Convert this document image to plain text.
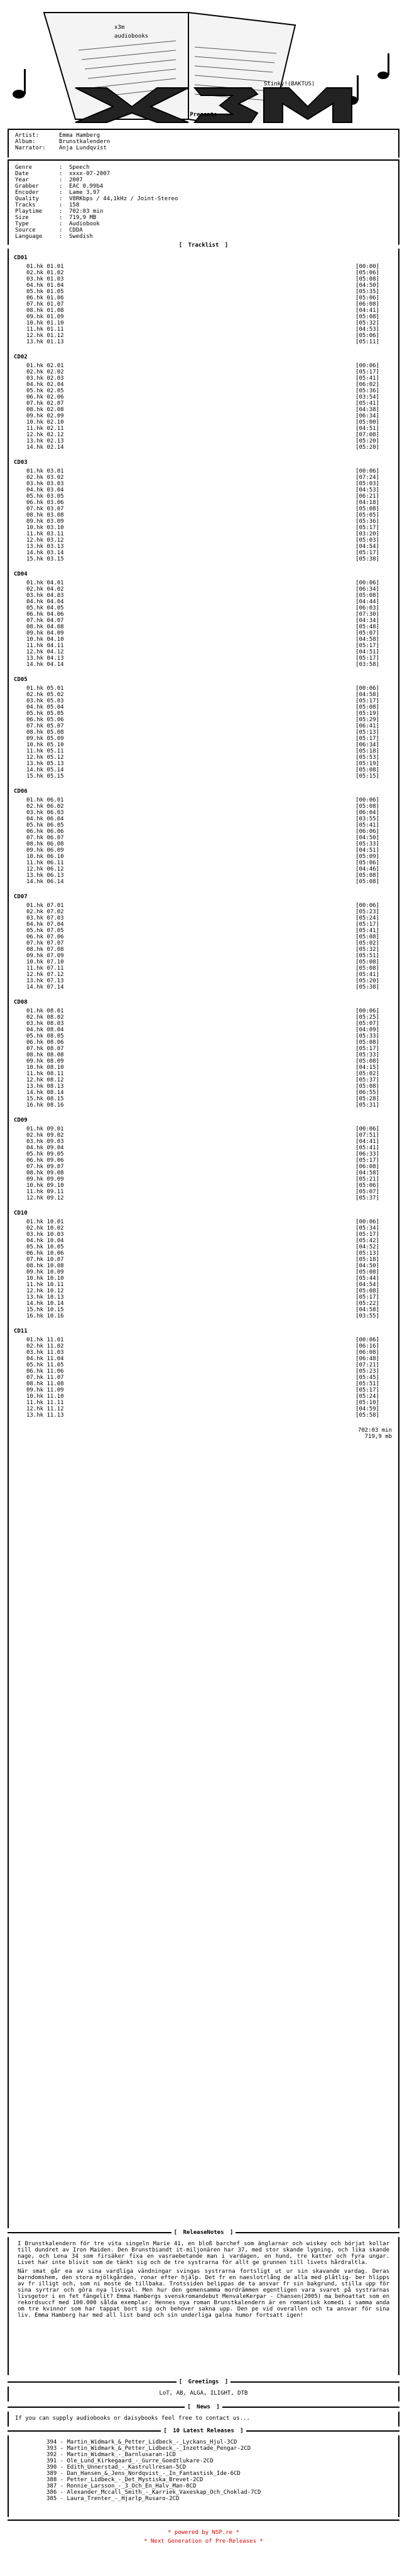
x3m
audiobooks
Stinky!(BAKTUS)
Presents
Artist:	Emma Hamberg
Album:	Brunstkalendern
Narrator:	Anja Lundqvist
Genre	:	Speech
Date	:	xxxx-07-2007
Year	:	2007
Grabber	:	EAC 0.99b4
Encoder	:	Lame 3,97
Quality	:	V8RKbps / 44,1kHz / Joint-Stereo
Tracks	:	158
Playtime	:	702:03 min
Size	:	719,9 MB
Type	:	Audiobook
Source	:	CDDA
Language	:	Swedish
[ Tracklist ]
CD01
01.hk 01.01	[00:00]
02.hk 01.02	[05:06]
03.hk 01.03	[05:08]
04.hk 01.04	[04:50]
05.hk 01.05	[05:35]
06.hk 01.06	[05:06]
07.hk 01.07	[06:08]
08.hk 01.08	[04:41]
09.hk 01.09	[05:08]
10.hk 01.10	[05:32]
11.hk 01.11	[04:53]
12.hk 01.12	[05:06]
13.hk 01.13	[05:11]
CD02
01.hk 02.01	[00:06]
02.hk 02.02	[05:17]
03.hk 02.03	[05:41]
04.hk 02.04	[06:02]
05.hk 02.05	[05:36]
06.hk 02.06	[03:54]
07.hk 02.07	[05:41]
08.hk 02.08	[04:38]
09.hk 02.09	[06:34]
10.hk 02.10	[05:00]
11.hk 02.11	[04:51]
12.hk 02.12	[07:08]
13.hk 02.13	[05:20]
14.hk 02.14	[05:20]
CD03
01.hk 03.01	[00:06]
02.hk 03.02	[07:24]
03.hk 03.03	[05:03]
04.hk 03.04	[04:53]
05.hk 03.05	[06:21]
06.hk 03.06	[04:18]
07.hk 03.07	[05:08]
08.hk 03.08	[05:05]
09.hk 03.09	[05:36]
10.hk 03.10	[05:17]
11.hk 03.11	[03:20]
12.hk 03.12	[05:03]
13.hk 03.13	[04:54]
14.hk 03.14	[05:17]
15.hk 03.15	[05:38]
CD04
01.hk 04.01	[00:06]
02.hk 04.02	[06:34]
03.hk 04.03	[05:08]
04.hk 04.04	[04:44]
05.hk 04.05	[06:03]
06.hk 04.06	[07:30]
07.hk 04.07	[04:34]
08.hk 04.08	[05:48]
09.hk 04.09	[05:07]
10.hk 04.10	[04:58]
11.hk 04.11	[05:17]
12.hk 04.12	[04:51]
13.hk 04.13	[05:17]
14.hk 04.14	[03:58]
CD05
01.hk 05.01	[00:06]
02.hk 05.02	[04:58]
03.hk 05.03	[05:17]
04.hk 05.04	[05:08]
05.hk 05.05	[05:19]
06.hk 05.06	[05:29]
07.hk 05.07	[06:41]
08.hk 05.08	[05:13]
09.hk 05.09	[05:17]
10.hk 05.10	[06:34]
11.hk 05.11	[05:18]
12.hk 05.12	[05:53]
13.hk 05.13	[05:19]
14.hk 05.14	[05:08]
15.hk 05.15	[05:15]
CD06
01.hk 06.01	[00:06]
02.hk 06.02	[05:08]
03.hk 06.03	[06:04]
04.hk 06.04	[03:55]
05.hk 06.05	[05:41]
06.hk 06.06	[06:06]
07.hk 06.07	[04:50]
08.hk 06.08	[05:33]
09.hk 06.09	[04:51]
10.hk 06.10	[05:09]
11.hk 06.11	[05:06]
12.hk 06.12	[04:46]
13.hk 06.13	[05:08]
14.hk 06.14	[05:08]
CD07
01.hk 07.01	[00:06]
02.hk 07.02	[05:23]
03.hk 07.03	[05:24]
04.hk 07.04	[05:17]
05.hk 07.05	[05:41]
06.hk 07.06	[05:08]
07.hk 07.07	[05:02]
08.hk 07.08	[05:32]
09.hk 07.09	[05:51]
10.hk 07.10	[05:08]
11.hk 07.11	[05:08]
12.hk 07.12	[05:41]
13.hk 07.13	[05:20]
14.hk 07.14	[05:38]
CD08
01.hk 08.01	[00:06]
02.hk 08.02	[05:25]
03.hk 08.03	[05:07]
04.hk 08.04	[04:09]
05.hk 08.05	[05:33]
06.hk 08.06	[05:08]
07.hk 08.07	[05:17]
08.hk 08.08	[05:33]
09.hk 08.09	[05:08]
10.hk 08.10	[04:15]
11.hk 08.11	[05:02]
12.hk 08.12	[05:37]
13.hk 08.13	[05:08]
14.hk 08.14	[06:55]
15.hk 08.15	[05:28]
16.hk 08.16	[05:31]
CD09
01.hk 09.01	[00:06]
02.hk 09.02	[07:51]
03.hk 09.03	[04:41]
04.hk 09.04	[05:41]
05.hk 09.05	[06:33]
06.hk 09.06	[05:17]
07.hk 09.07	[06:08]
08.hk 09.08	[04:58]
09.hk 09.09	[05:21]
10.hk 09.10	[05:06]
11.hk 09.11	[05:07]
12.hk 09.12	[05:37]
CD10
01.hk 10.01	[00:06]
02.hk 10.02	[05:34]
03.hk 10.03	[05:17]
04.hk 10.04	[05:42]
05.hk 10.05	[04:52]
06.hk 10.06	[05:13]
07.hk 10.07	[05:18]
08.hk 10.08	[04:50]
09.hk 10.09	[05:08]
10.hk 10.10	[05:44]
11.hk 10.11	[04:54]
12.hk 10.12	[05:08]
13.hk 10.13	[05:17]
14.hk 10.14	[05:22]
15.hk 10.15	[04:58]
16.hk 10.16	[03:55]
CD11
01.hk 11.01	[00:06]
02.hk 11.02	[06:16]
03.hk 11.03	[06:08]
04.hk 11.04	[06:48]
05.hk 11.05	[07:21]
06.hk 11.06	[05:23]
07.hk 11.07	[05:45]
08.hk 11.08	[05:51]
09.hk 11.09	[05:17]
10.hk 11.10	[05:24]
11.hk 11.11	[05:10]
12.hk 11.12	[04:59]
13.hk 11.13	[05:58]
702:03 min
719,9 mb
[ ReleaseNotes ]
I Brunstkalendern för tre vita singeln Marie 41, en bloß barchef som änglarnar och wiskey och börjat kollar till dundret av Iron Maiden. Den Brunstbiandt it-miljonären har 37, med stor skande lygning, och lika skande nage, och Lena 34 som firsäker fixa en vasraebetande man i vardagen, en hund, tre katter och fyra ungar. Livet har inte blivit som de tänkt sig och de tre systrarna för allt ge grunnen till livets hårdraltla.
När smat går ea av sina vardliga vändningar svingas systrarna fortsligt ut ur sin skavande vardag. Deras barndomshem, den stora mjölkgården, ronar efter hjälp. Det fr en naeslotrlång de alla med plåtlig- ber hlipps av fr illigt och, som ni moste de tillbaka. Trotssiden belippas de ta ansvar fr sin bakgrund, stilla upp för sina syrtrar och göra nya livsval. Men hur den gemensamma mordrämmen egentligen vara svaret på systrarnas livsgetor i en fet fängelit? Emma Hambergs svenskromandebut MenvaleKerpar - Chansen(2005) ma behoattat som en rekordsuccf med 100.000 sålda exemplar. Hennes nya roman Brunstkalendern är en romantisk komedi i samma anda om tre kvinnor som har tappat bort sig och behover sakna upp. Den pe vid overallen och ta ansvar för sina liv. Emma Hamberg har med all list band och sin underliga galna humor fortsatt igen!
[ Greetings ]
LoT, AB, ALGA, ILIGHT, DTB
[ News ]
If you can supply audiobooks or daisybooks feel free to contact us...
[ 10 Latest Releases ]
394 - Martin_Widmark_&_Petter_Lidbeck_-_Lyckans_Hjul-3CD
393 - Martin_Widmark_&_Petter_Lidbeck_-_Inzettade_Pengar-2CD
392 - Martin_Widmark_-_Barnlusaran-1CD
391 - Ole_Lund_Kirkegaard_-_Gurre_Goedtlukare-2CD
390 - Edith_Unnerstad_-_Kastrullresan-5CD
389 - Dan_Hansen_&_Jens_Nordqvist_-_In_Fantastisk_Ide-6CD
388 - Petter_Lidbeck_-_Det_Mystiska_Brevet-2CD
387 - Ronnie_Larsson_-_3_Och_En_Halv_Man-8CD
386 - Alexander_Mccall_Smith_-_Karriek_Vaxeskap_Och_Choklad-7CD
385 - Laura_Trenter_-_Hjarlp_Rusaro-2CD
* powered by NSP.re *
* Next Generation of Pre-Releases *
